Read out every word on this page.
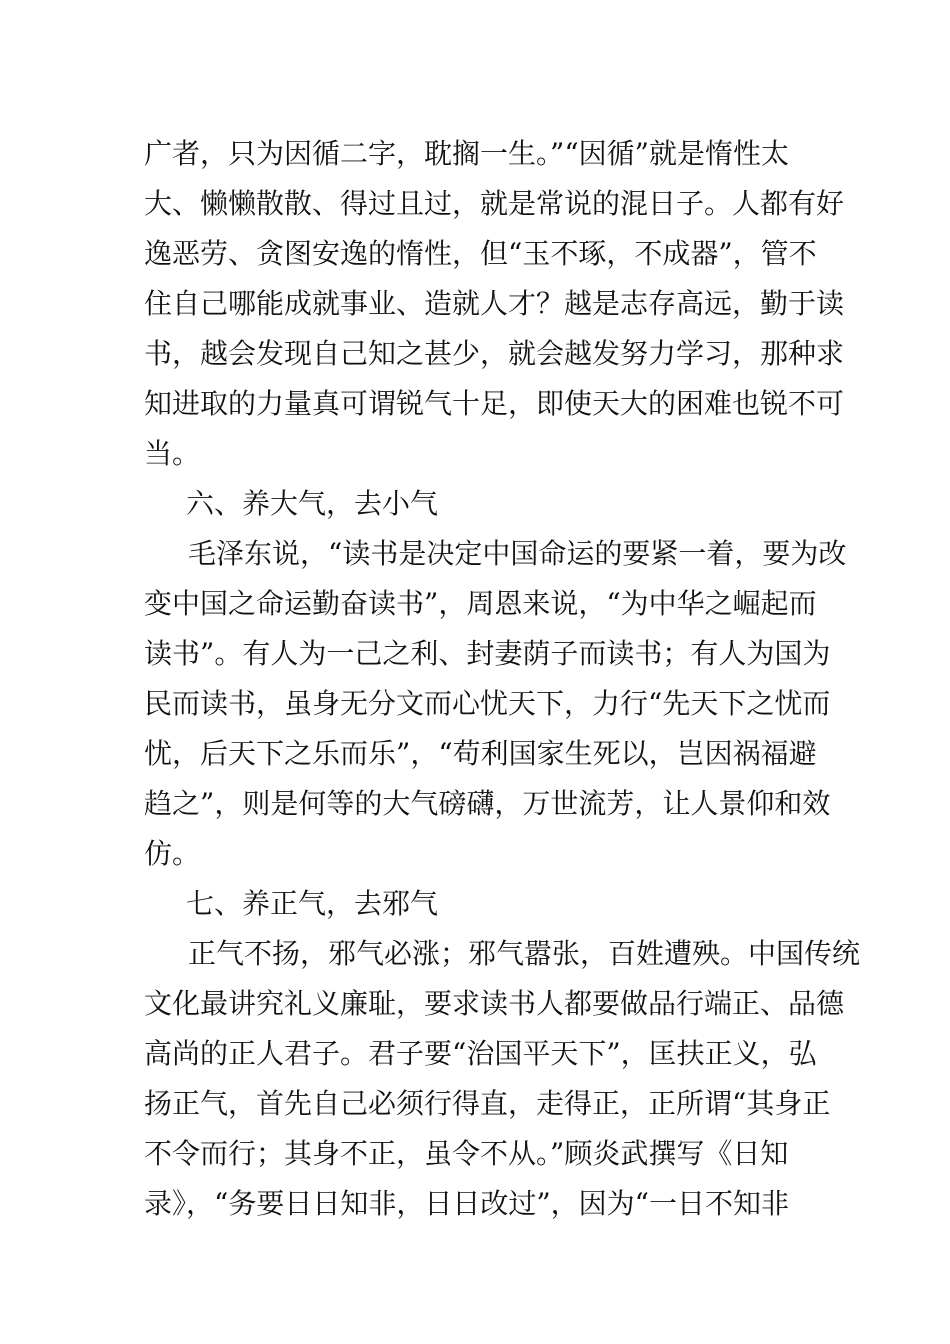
广者，只为因循二字，耽搁一生。”“因循”就是惰性太
大、懒懒散散、得过且过，就是常说的混日子。人都有好
逸恶劳、贪图安逸的惰性，但“玉不琢，不成器”，管不
住自己哪能成就事业、造就人才？越是志存高远，勤于读
书，越会发现自己知之甚少，就会越发努力学习，那种求
知进取的力量真可谓锐气十足，即使天大的困难也锐不可
当。
六、养大气，去小气
毛泽东说，“读书是决定中国命运的要紧一着，要为改
变中国之命运勤奋读书”，周恩来说，“为中华之崛起而
读书”。有人为一己之利、封妻荫子而读书；有人为国为
民而读书，虽身无分文而心忧天下，力行“先天下之忧而
忧，后天下之乐而乐”，“苟利国家生死以，岂因祸福避
趋之”，则是何等的大气磅礴，万世流芳，让人景仰和效
仿。
七、养正气，去邪气
正气不扬，邪气必涨；邪气嚣张，百姓遭殃。中国传统
文化最讲究礼义廉耻，要求读书人都要做品行端正、品德
高尚的正人君子。君子要“治国平天下”，匡扶正义，弘
扬正气，首先自己必须行得直，走得正，正所谓“其身正
不令而行；其身不正，虽令不从。”顾炎武撰写《日知
录》，“务要日日知非，日日改过”，因为“一日不知非
